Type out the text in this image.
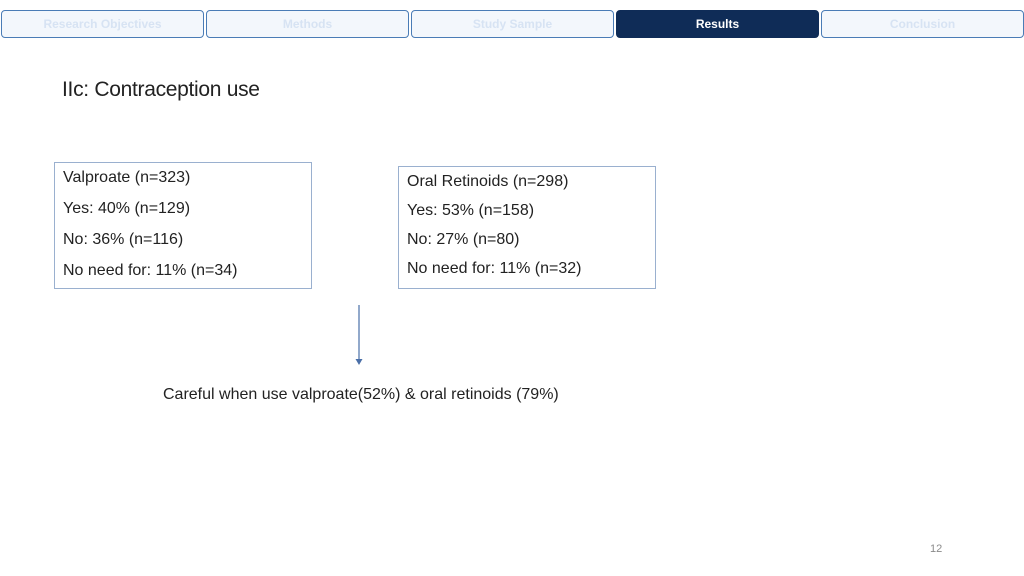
Research Objectives	Methods	Study Sample	Results	Conclusion
IIc: Contraception use
Valproate (n=323)
Yes: 40% (n=129)
No: 36% (n=116)
No need for: 11% (n=34)
Oral Retinoids (n=298)
Yes: 53% (n=158)
No: 27% (n=80)
No need for: 11% (n=32)
Careful when use valproate(52%) & oral retinoids (79%)
12
